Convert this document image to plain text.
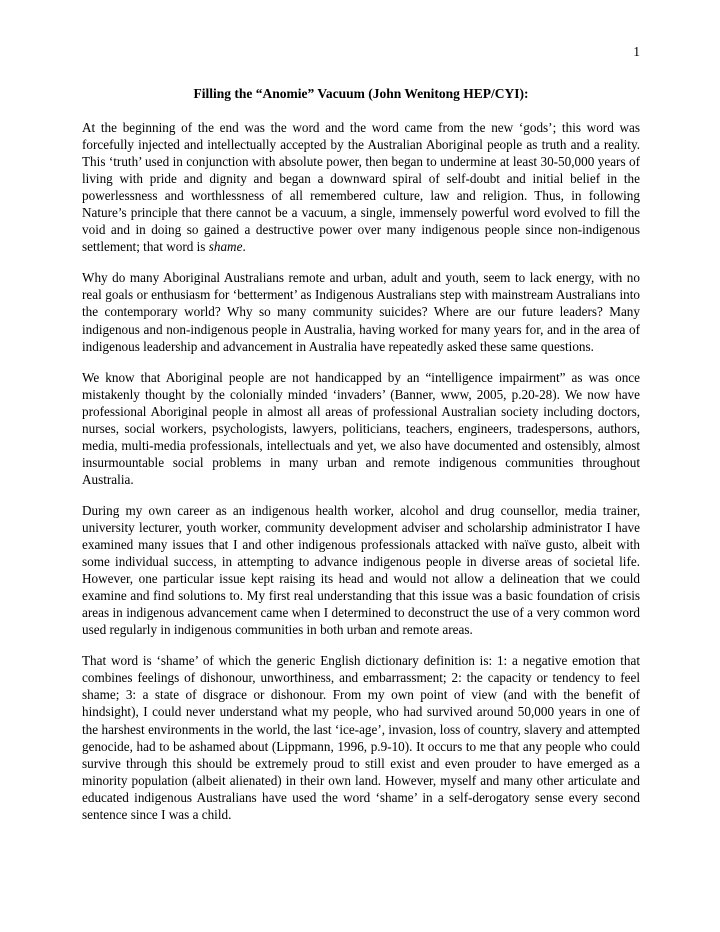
1
Filling the “Anomie” Vacuum (John Wenitong HEP/CYI):

At the beginning of the end was the word and the word came from the new ‘gods’; this word was forcefully injected and intellectually accepted by the Australian Aboriginal people as truth and a reality. This ‘truth’ used in conjunction with absolute power, then began to undermine at least 30-50,000 years of living with pride and dignity and began a downward spiral of self-doubt and initial belief in the powerlessness and worthlessness of all remembered culture, law and religion. Thus, in following Nature’s principle that there cannot be a vacuum, a single, immensely powerful word evolved to fill the void and in doing so gained a destructive power over many indigenous people since non-indigenous settlement; that word is shame.

Why do many Aboriginal Australians remote and urban, adult and youth, seem to lack energy, with no real goals or enthusiasm for ‘betterment’ as Indigenous Australians step with mainstream Australians into the contemporary world? Why so many community suicides? Where are our future leaders? Many indigenous and non-indigenous people in Australia, having worked for many years for, and in the area of indigenous leadership and advancement in Australia have repeatedly asked these same questions.

We know that Aboriginal people are not handicapped by an “intelligence impairment” as was once mistakenly thought by the colonially minded ‘invaders’ (Banner, www, 2005, p.20-28). We now have professional Aboriginal people in almost all areas of professional Australian society including doctors, nurses, social workers, psychologists, lawyers, politicians, teachers, engineers, tradespersons, authors, media, multi-media professionals, intellectuals and yet, we also have documented and ostensibly, almost insurmountable social problems in many urban and remote indigenous communities throughout Australia.

During my own career as an indigenous health worker, alcohol and drug counsellor, media trainer, university lecturer, youth worker, community development adviser and scholarship administrator I have examined many issues that I and other indigenous professionals attacked with naïve gusto, albeit with some individual success, in attempting to advance indigenous people in diverse areas of societal life. However, one particular issue kept raising its head and would not allow a delineation that we could examine and find solutions to. My first real understanding that this issue was a basic foundation of crisis areas in indigenous advancement came when I determined to deconstruct the use of a very common word used regularly in indigenous communities in both urban and remote areas.

That word is ‘shame’ of which the generic English dictionary definition is: 1: a negative emotion that combines feelings of dishonour, unworthiness, and embarrassment; 2: the capacity or tendency to feel shame; 3: a state of disgrace or dishonour. From my own point of view (and with the benefit of hindsight), I could never understand what my people, who had survived around 50,000 years in one of the harshest environments in the world, the last ‘ice-age’, invasion, loss of country, slavery and attempted genocide, had to be ashamed about (Lippmann, 1996, p.9-10). It occurs to me that any people who could survive through this should be extremely proud to still exist and even prouder to have emerged as a minority population (albeit alienated) in their own land. However, myself and many other articulate and educated indigenous Australians have used the word ‘shame’ in a self-derogatory sense every second sentence since I was a child.
